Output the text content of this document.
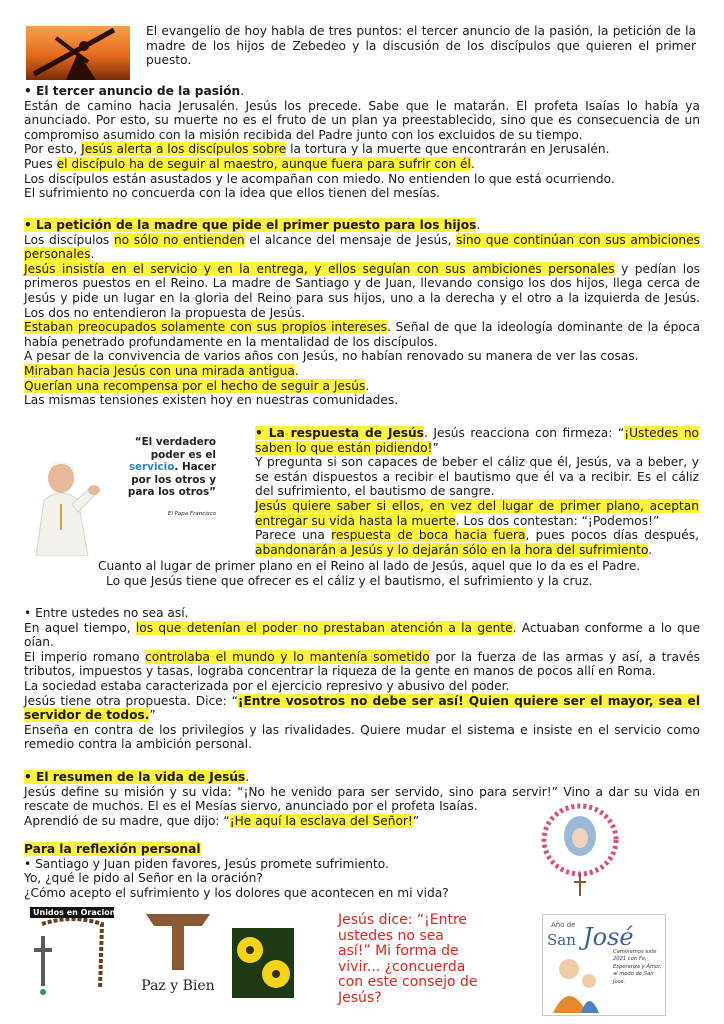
El evangelio de hoy habla de tres puntos: el tercer anuncio de la pasión, la petición de la madre de los hijos de Zebedeo y la discusión de los discípulos que quieren el primer puesto.

• El tercer anuncio de la pasión.

Están de camino hacia Jerusalén. Jesús los precede. Sabe que le matarán. El profeta Isaías lo había ya anunciado. Por esto, su muerte no es el fruto de un plan ya preestablecido, sino que es consecuencia de un compromiso asumido con la misión recibida del Padre junto con los excluidos de su tiempo.

Por esto, Jesús alerta a los discípulos sobre la tortura y la muerte que encontrarán en Jerusalén.

Pues el discípulo ha de seguir al maestro, aunque fuera para sufrir con él.

Los discípulos están asustados y le acompañan con miedo. No entienden lo que está ocurriendo.

El sufrimiento no concuerda con la idea que ellos tienen del mesías.

• La petición de la madre que pide el primer puesto para los hijos.

Los discípulos no sólo no entienden el alcance del mensaje de Jesús, sino que continúan con sus ambiciones personales.

Jesús insistía en el servicio y en la entrega, y ellos seguían con sus ambiciones personales y pedían los primeros puestos en el Reino. La madre de Santiago y de Juan, llevando consigo los dos hijos, llega cerca de Jesús y pide un lugar en la gloria del Reino para sus hijos, uno a la derecha y el otro a la izquierda de Jesús. Los dos no entendieron la propuesta de Jesús.

Estaban preocupados solamente con sus propios intereses. Señal de que la ideología dominante de la época había penetrado profundamente en la mentalidad de los discípulos.

A pesar de la convivencia de varios años con Jesús, no habían renovado su manera de ver las cosas.

Miraban hacia Jesús con una mirada antigua.

Querían una recompensa por el hecho de seguir a Jesús.

Las mismas tensiones existen hoy en nuestras comunidades.

“El verdadero poder es el servicio. Hacer por los otros y para los otros”
El Papa Francisco

• La respuesta de Jesús. Jesús reacciona con firmeza: “¡Ustedes no saben lo que están pidiendo!”

Y pregunta si son capaces de beber el cáliz que él, Jesús, va a beber, y se están dispuestos a recibir el bautismo que él va a recibir. Es el cáliz del sufrimiento, el bautismo de sangre.

Jesús quiere saber si ellos, en vez del lugar de primer plano, aceptan entregar su vida hasta la muerte. Los dos contestan: “¡Podemos!”

Parece una respuesta de boca hacia fuera, pues pocos días después, abandonarán a Jesús y lo dejarán sólo en la hora del sufrimiento.

Cuanto al lugar de primer plano en el Reino al lado de Jesús, aquel que lo da es el Padre.

Lo que Jesús tiene que ofrecer es el cáliz y el bautismo, el sufrimiento y la cruz.

• Entre ustedes no sea así.

En aquel tiempo, los que detenían el poder no prestaban atención a la gente. Actuaban conforme a lo que oían.

El imperio romano controlaba el mundo y lo mantenía sometido por la fuerza de las armas y así, a través tributos, impuestos y tasas, lograba concentrar la riqueza de la gente en manos de pocos allí en Roma.

La sociedad estaba caracterizada por el ejercicio represivo y abusivo del poder.

Jesús tiene otra propuesta. Dice: “¡Entre vosotros no debe ser así! Quien quiere ser el mayor, sea el servidor de todos.”

Enseña en contra de los privilegios y las rivalidades. Quiere mudar el sistema e insiste en el servicio como remedio contra la ambición personal.

• El resumen de la vida de Jesús.

Jesús define su misión y su vida: “¡No he venido para ser servido, sino para servir!” Vino a dar su vida en rescate de muchos. El es el Mesías siervo, anunciado por el profeta Isaías.

Aprendió de su madre, que dijo: “¡He aquí la esclava del Señor!”

Para la reflexión personal

• Santiago y Juan piden favores, Jesús promete sufrimiento.

Yo, ¿qué le pido al Señor en la oración?

¿Cómo acepto el sufrimiento y los dolores que acontecen en mi vida?

Unidos en Oracion
Paz y Bien

Jesús dice: “¡Entre ustedes no sea así!” Mi forma de vivir... ¿concuerda con este consejo de Jesús?

Año de
San José
Caminemos este 2021 con Fe, Esperanza y Amor, al modo de San José.
